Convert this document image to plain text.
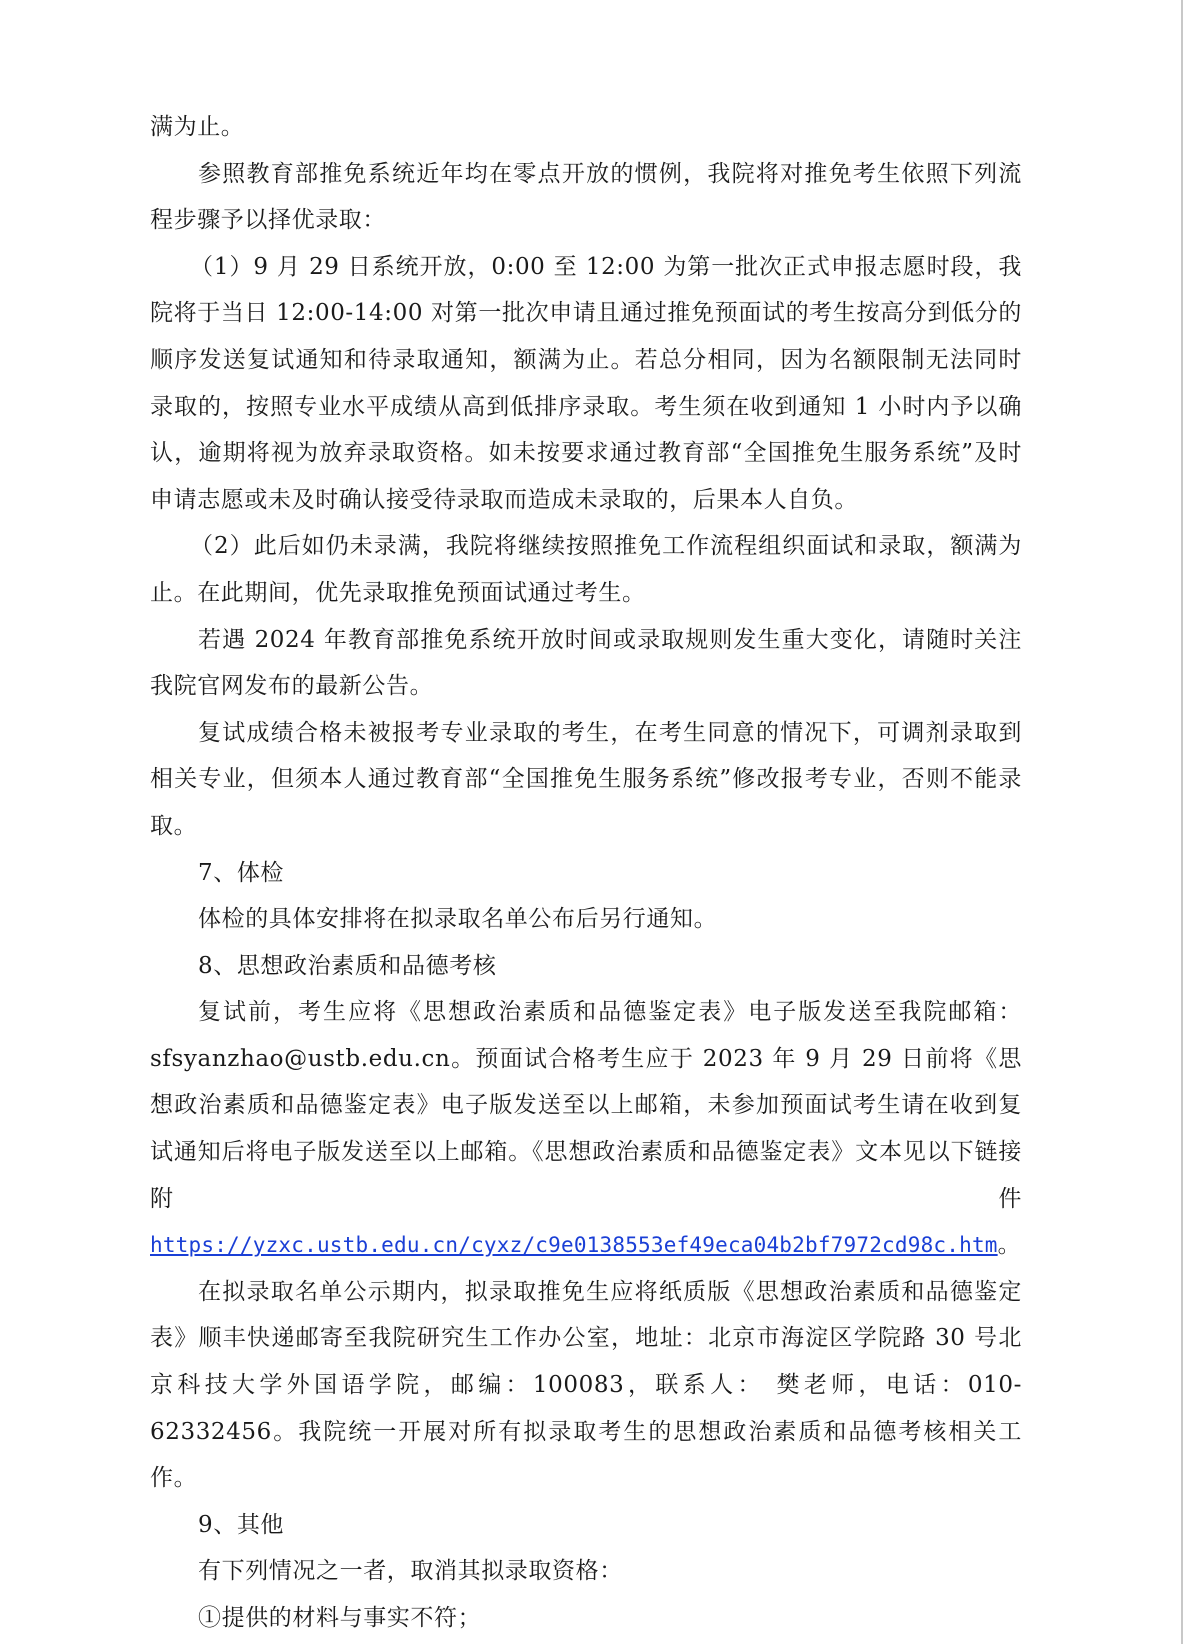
满为止。

参照教育部推免系统近年均在零点开放的惯例，我院将对推免考生依照下列流程步骤予以择优录取：

（1）9 月 29 日系统开放，0:00 至 12:00 为第一批次正式申报志愿时段，我院将于当日 12:00-14:00 对第一批次申请且通过推免预面试的考生按高分到低分的顺序发送复试通知和待录取通知，额满为止。若总分相同，因为名额限制无法同时录取的，按照专业水平成绩从高到低排序录取。考生须在收到通知 1 小时内予以确认，逾期将视为放弃录取资格。如未按要求通过教育部“全国推免生服务系统”及时申请志愿或未及时确认接受待录取而造成未录取的，后果本人自负。

（2）此后如仍未录满，我院将继续按照推免工作流程组织面试和录取，额满为止。在此期间，优先录取推免预面试通过考生。

若遇 2024 年教育部推免系统开放时间或录取规则发生重大变化，请随时关注我院官网发布的最新公告。

复试成绩合格未被报考专业录取的考生，在考生同意的情况下，可调剂录取到相关专业，但须本人通过教育部“全国推免生服务系统”修改报考专业，否则不能录取。

7、体检

体检的具体安排将在拟录取名单公布后另行通知。

8、思想政治素质和品德考核

复试前，考生应将《思想政治素质和品德鉴定表》电子版发送至我院邮箱：sfsyanzhao@ustb.edu.cn。预面试合格考生应于 2023 年 9 月 29 日前将《思想政治素质和品德鉴定表》电子版发送至以上邮箱，未参加预面试考生请在收到复试通知后将电子版发送至以上邮箱。《思想政治素质和品德鉴定表》文本见以下链接附件https://yzxc.ustb.edu.cn/cyxz/c9e0138553ef49eca04b2bf7972cd98c.htm。

在拟录取名单公示期内，拟录取推免生应将纸质版《思想政治素质和品德鉴定表》顺丰快递邮寄至我院研究生工作办公室，地址：北京市海淀区学院路 30 号北京科技大学外国语学院，邮编：100083，联系人： 樊老师，电话：010-62332456。我院统一开展对所有拟录取考生的思想政治素质和品德考核相关工作。

9、其他

有下列情况之一者，取消其拟录取资格：

①提供的材料与事实不符；
